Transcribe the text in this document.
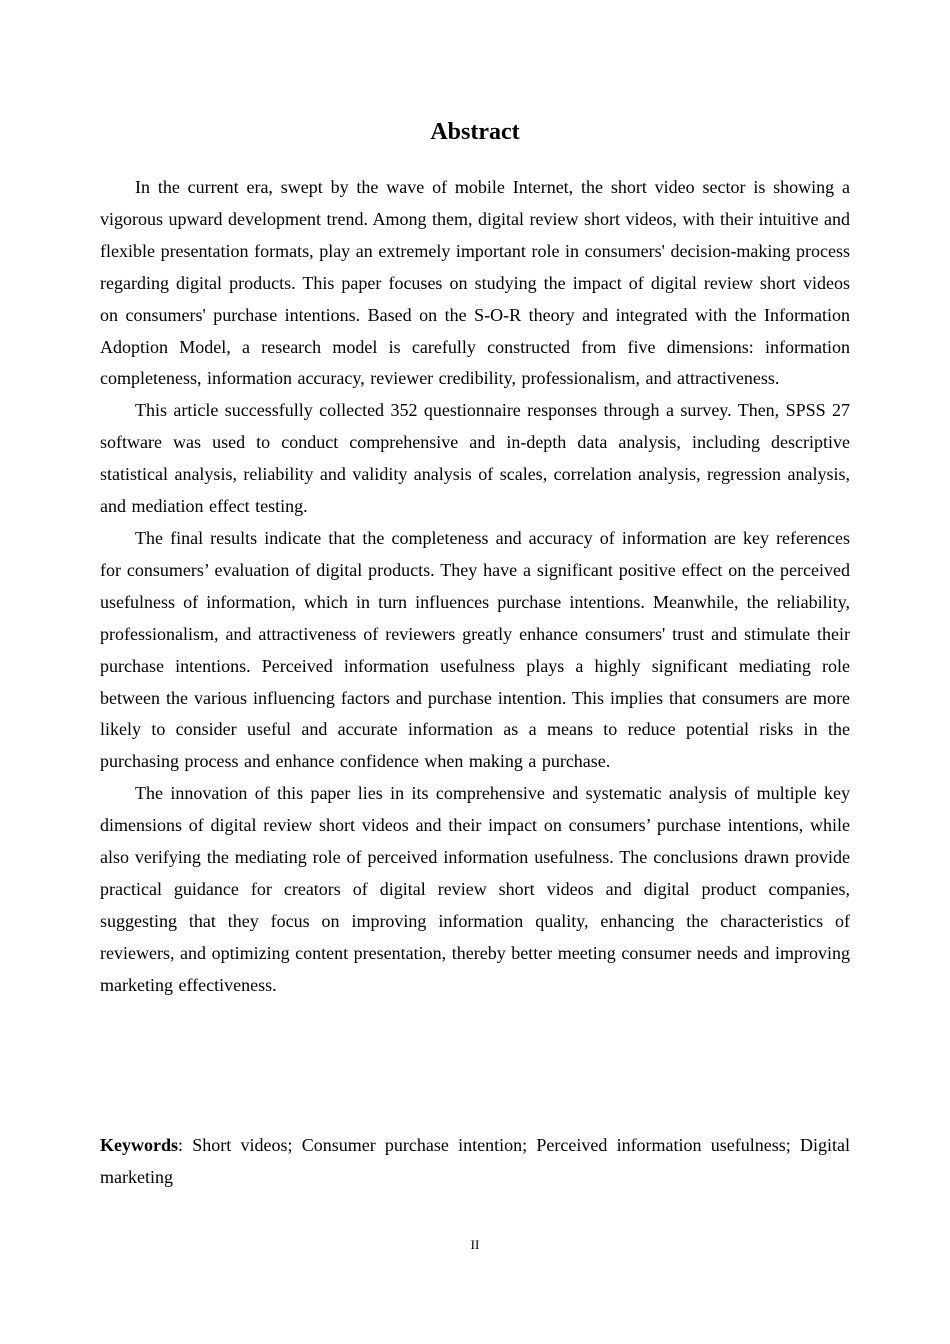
Abstract

In the current era, swept by the wave of mobile Internet, the short video sector is showing a vigorous upward development trend. Among them, digital review short videos, with their intuitive and flexible presentation formats, play an extremely important role in consumers' decision-making process regarding digital products. This paper focuses on studying the impact of digital review short videos on consumers' purchase intentions. Based on the S-O-R theory and integrated with the Information Adoption Model, a research model is carefully constructed from five dimensions: information completeness, information accuracy, reviewer credibility, professionalism, and attractiveness.

This article successfully collected 352 questionnaire responses through a survey. Then, SPSS 27 software was used to conduct comprehensive and in-depth data analysis, including descriptive statistical analysis, reliability and validity analysis of scales, correlation analysis, regression analysis, and mediation effect testing.

The final results indicate that the completeness and accuracy of information are key references for consumers’ evaluation of digital products. They have a significant positive effect on the perceived usefulness of information, which in turn influences purchase intentions. Meanwhile, the reliability, professionalism, and attractiveness of reviewers greatly enhance consumers' trust and stimulate their purchase intentions. Perceived information usefulness plays a highly significant mediating role between the various influencing factors and purchase intention. This implies that consumers are more likely to consider useful and accurate information as a means to reduce potential risks in the purchasing process and enhance confidence when making a purchase.

The innovation of this paper lies in its comprehensive and systematic analysis of multiple key dimensions of digital review short videos and their impact on consumers’ purchase intentions, while also verifying the mediating role of perceived information usefulness. The conclusions drawn provide practical guidance for creators of digital review short videos and digital product companies, suggesting that they focus on improving information quality, enhancing the characteristics of reviewers, and optimizing content presentation, thereby better meeting consumer needs and improving marketing effectiveness.

Keywords: Short videos; Consumer purchase intention; Perceived information usefulness; Digital marketing

II
